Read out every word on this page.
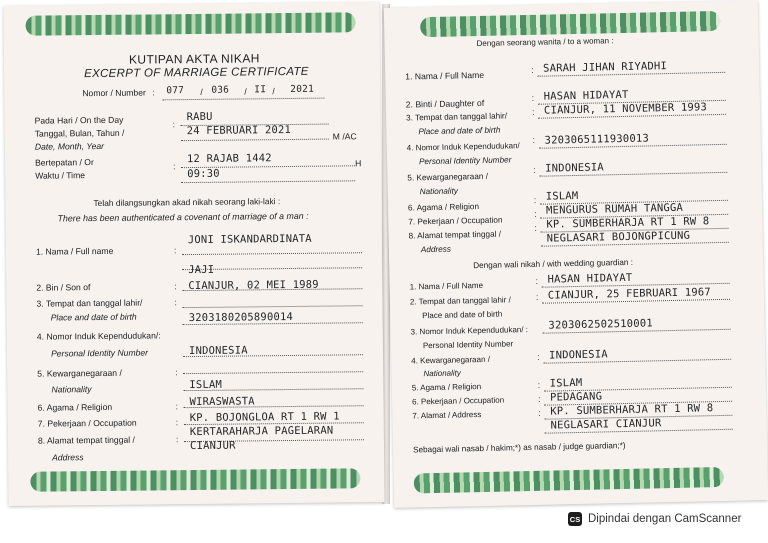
KUTIPAN AKTA NIKAH
EXCERPT OF MARRIAGE CERTIFICATE
Nomor / Number : 077 / 036 / II / 2021
Pada Hari / On the Day
Tanggal, Bulan, Tahun /
Date, Month, Year
Bertepatan / Or
Waktu / Time
:
:
RABU
24 FEBRUARI 2021	M /AC
12 RAJAB 1442	H
09:30
Telah dilangsungkan akad nikah seorang laki-laki :
There has been authenticated a covenant of marriage of a man :
1. Nama / Full name
2. Bin / Son of
3. Tempat dan tanggal lahir/
Place and date of birth
4. Nomor Induk Kependudukan/:
Personal Identity Number
5. Kewarganegaraan /
Nationality
6. Agama / Religion
7. Pekerjaan / Occupation
8. Alamat tempat tinggal /
Address
:
:
:
:
:
:
:
JONI ISKANDARDINATA
JAJI
CIANJUR, 02 MEI 1989
3203180205890014
INDONESIA
ISLAM
WIRASWASTA
KP. BOJONGLOA RT 1 RW 1
KERTARAHARJA PAGELARAN
CIANJUR
Dengan seorang wanita / to a woman :
1. Nama / Full Name
2. Binti / Daughter of
3. Tempat dan tanggal lahir/
Place and date of birth
4. Nomor Induk Kependudukan/
Personal Identity Number
5. Kewarganegaraan /
Nationality
6. Agama / Religion
7. Pekerjaan / Occupation
8. Alamat tempat tinggal /
Address
:
:
:
:
:
:
:
:
SARAH JIHAN RIYADHI
HASAN HIDAYAT
CIANJUR, 11 NOVEMBER 1993
3203065111930013
INDONESIA
ISLAM
MENGURUS RUMAH TANGGA
KP. SUMBERHARJA RT 1 RW 8
NEGLASARI BOJONGPICUNG
Dengan wali nikah / with wedding guardian :
1. Nama / Full Name
2. Tempat dan tanggal lahir /
Place and date of birth
3. Nomor Induk Kependudukan/ :
Personal Identity Number
4. Kewarganegaraan /
Nationality
5. Agama / Religion
6. Pekerjaan / Occupation
7. Alamat / Address
:
:
:
:
:
:
HASAN HIDAYAT
CIANJUR, 25 FEBRUARI 1967
3203062502510001
INDONESIA
ISLAM
PEDAGANG
KP. SUMBERHARJA RT 1 RW 8
NEGLASARI CIANJUR
Sebagai wali nasab / hakim;*) as nasab / judge guardian;*)
CS Dipindai dengan CamScanner
